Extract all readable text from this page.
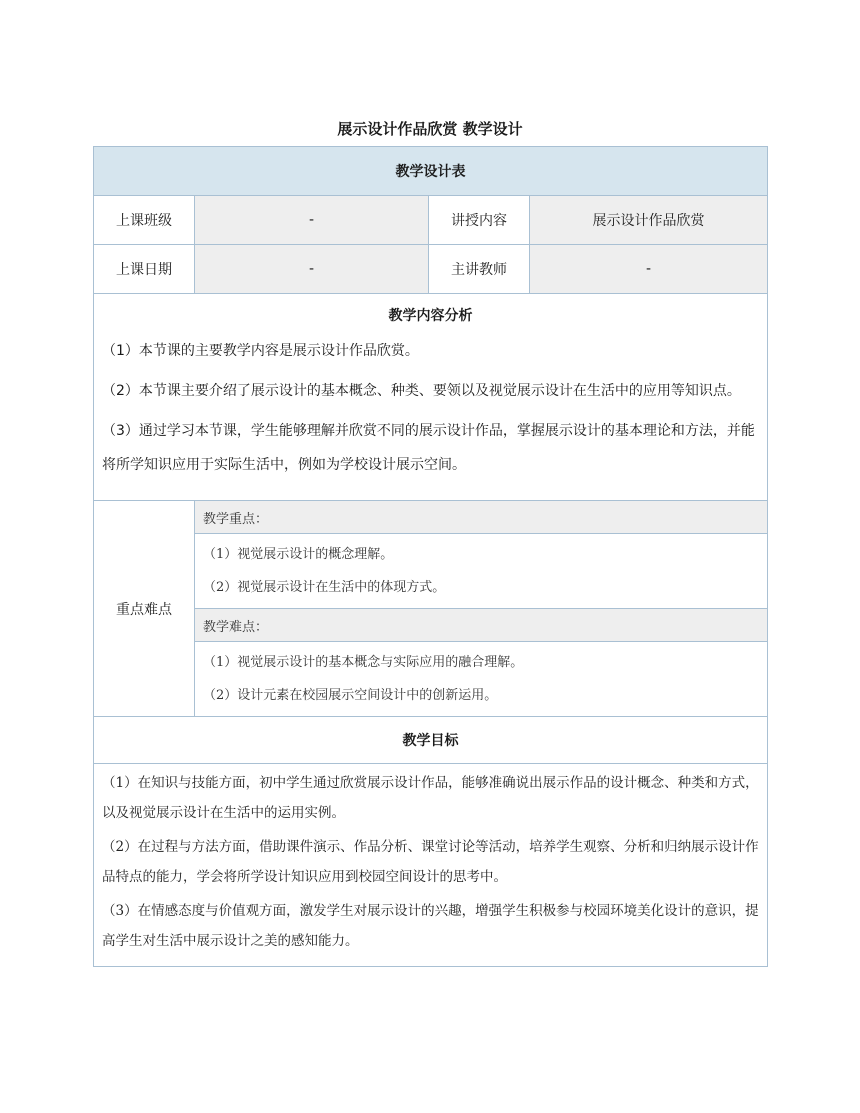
展示设计作品欣赏 教学设计
教学设计表			
上课班级	-	讲授内容	展示设计作品欣赏
上课日期	-	主讲教师	-

教学内容分析

（1）本节课的主要教学内容是展示设计作品欣赏。

（2）本节课主要介绍了展示设计的基本概念、种类、要领以及视觉展示设计在生活中的应用等知识点。

（3）通过学习本节课，学生能够理解并欣赏不同的展示设计作品，掌握展示设计的基本理论和方法，并能将所学知识应用于实际生活中，例如为学校设计展示空间。			

重点难点	教学重点：		

	（1）视觉展示设计的概念理解。
（2）视觉展示设计在生活中的体现方式。		

	教学难点：		

	（1）视觉展示设计的基本概念与实际应用的融合理解。
（2）设计元素在校园展示空间设计中的创新运用。		

教学目标			

（1）在知识与技能方面，初中学生通过欣赏展示设计作品，能够准确说出展示作品的设计概念、种类和方式，以及视觉展示设计在生活中的运用实例。

（2）在过程与方法方面，借助课件演示、作品分析、课堂讨论等活动，培养学生观察、分析和归纳展示设计作品特点的能力，学会将所学设计知识应用到校园空间设计的思考中。

（3）在情感态度与价值观方面，激发学生对展示设计的兴趣，增强学生积极参与校园环境美化设计的意识，提高学生对生活中展示设计之美的感知能力。			
